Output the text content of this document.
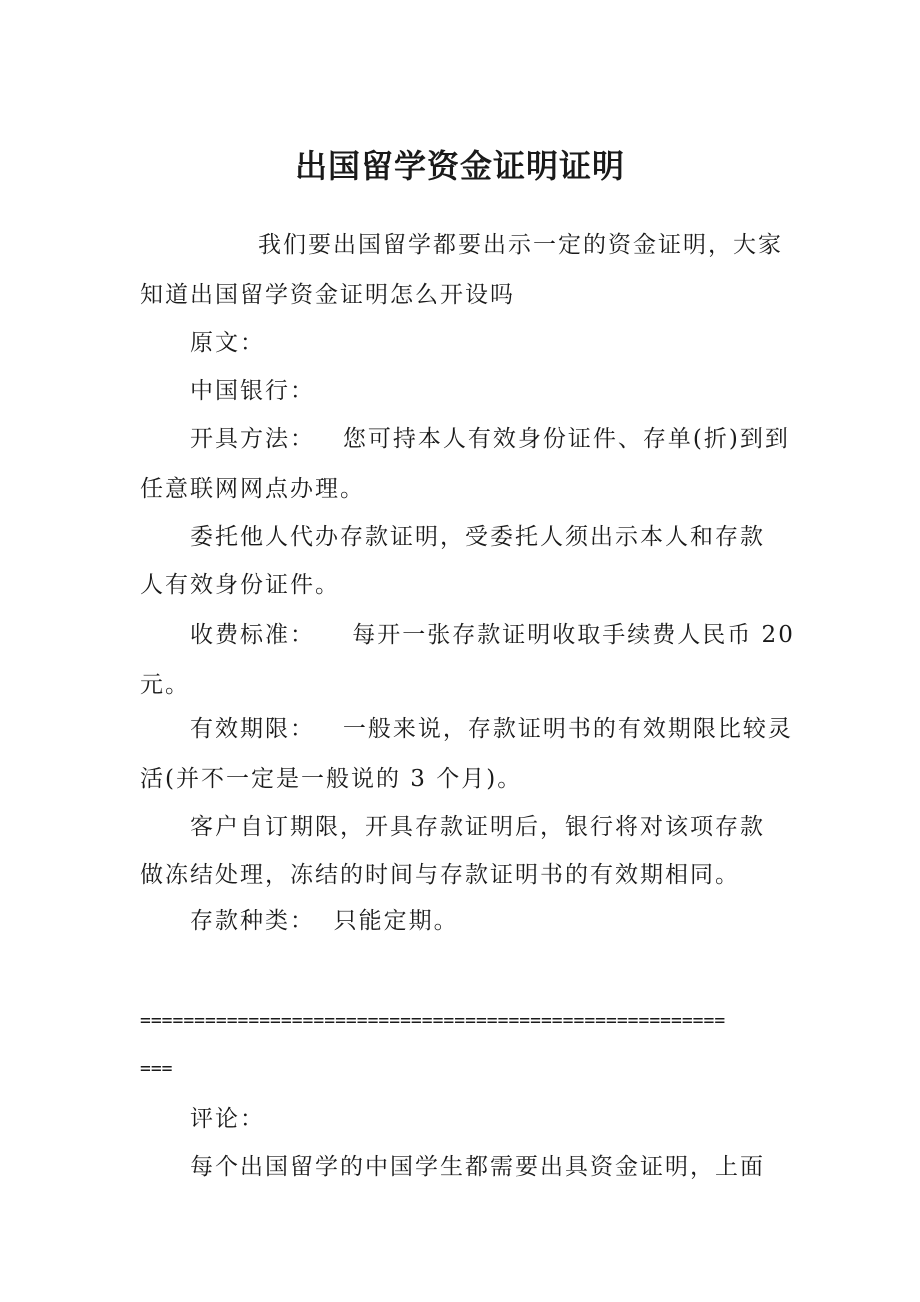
出国留学资金证明证明
我们要出国留学都要出示一定的资金证明，大家
知道出国留学资金证明怎么开设吗
原文：
中国银行：
开具方法：   您可持本人有效身份证件、存单(折)到到
任意联网网点办理。
委托他人代办存款证明，受委托人须出示本人和存款
人有效身份证件。
收费标准：    每开一张存款证明收取手续费人民币 20
元。
有效期限：   一般来说，存款证明书的有效期限比较灵
活(并不一定是一般说的 3 个月)。
客户自订期限，开具存款证明后，银行将对该项存款
做冻结处理，冻结的时间与存款证明书的有效期相同。
存款种类：  只能定期。
======================================================
===
评论：
每个出国留学的中国学生都需要出具资金证明，上面
